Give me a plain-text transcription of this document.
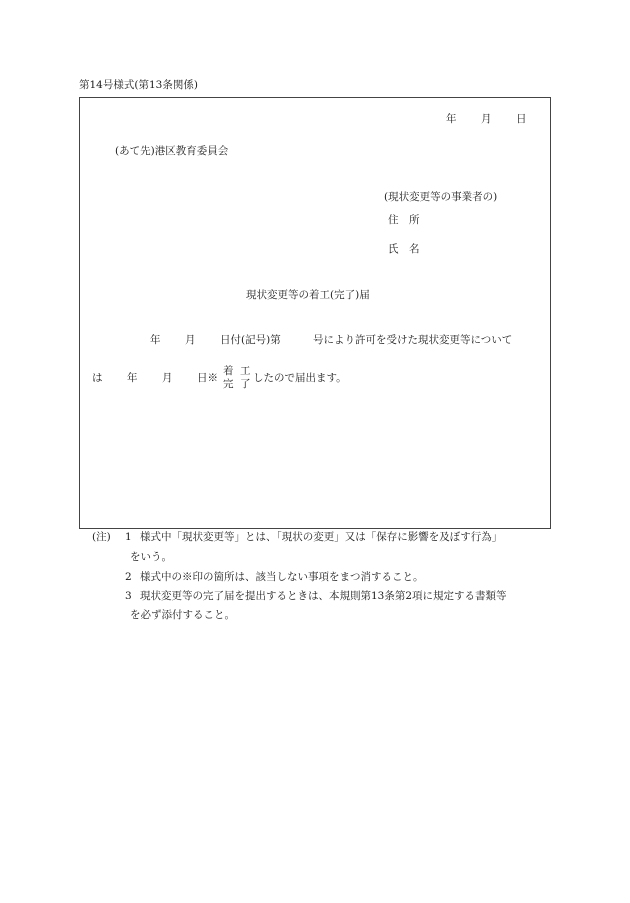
第14号様式(第13条関係)
年 月 日
(あて先)港区教育委員会
(現状変更等の事業者の)
住　所
氏　名
現状変更等の着工(完了)届
年 月 日付(記号)第	号により許可を受けた現状変更等について
は 年 月 日※
着
完
工
了 したので届出ます。
(注) 1 様式中「現状変更等」とは、「現状の変更」又は「保存に影響を及ぼす行為」
をいう。
2 様式中の※印の箇所は、該当しない事項をまつ消すること。
3 現状変更等の完了届を提出するときは、本規則第13条第2項に規定する書類等
を必ず添付すること。
